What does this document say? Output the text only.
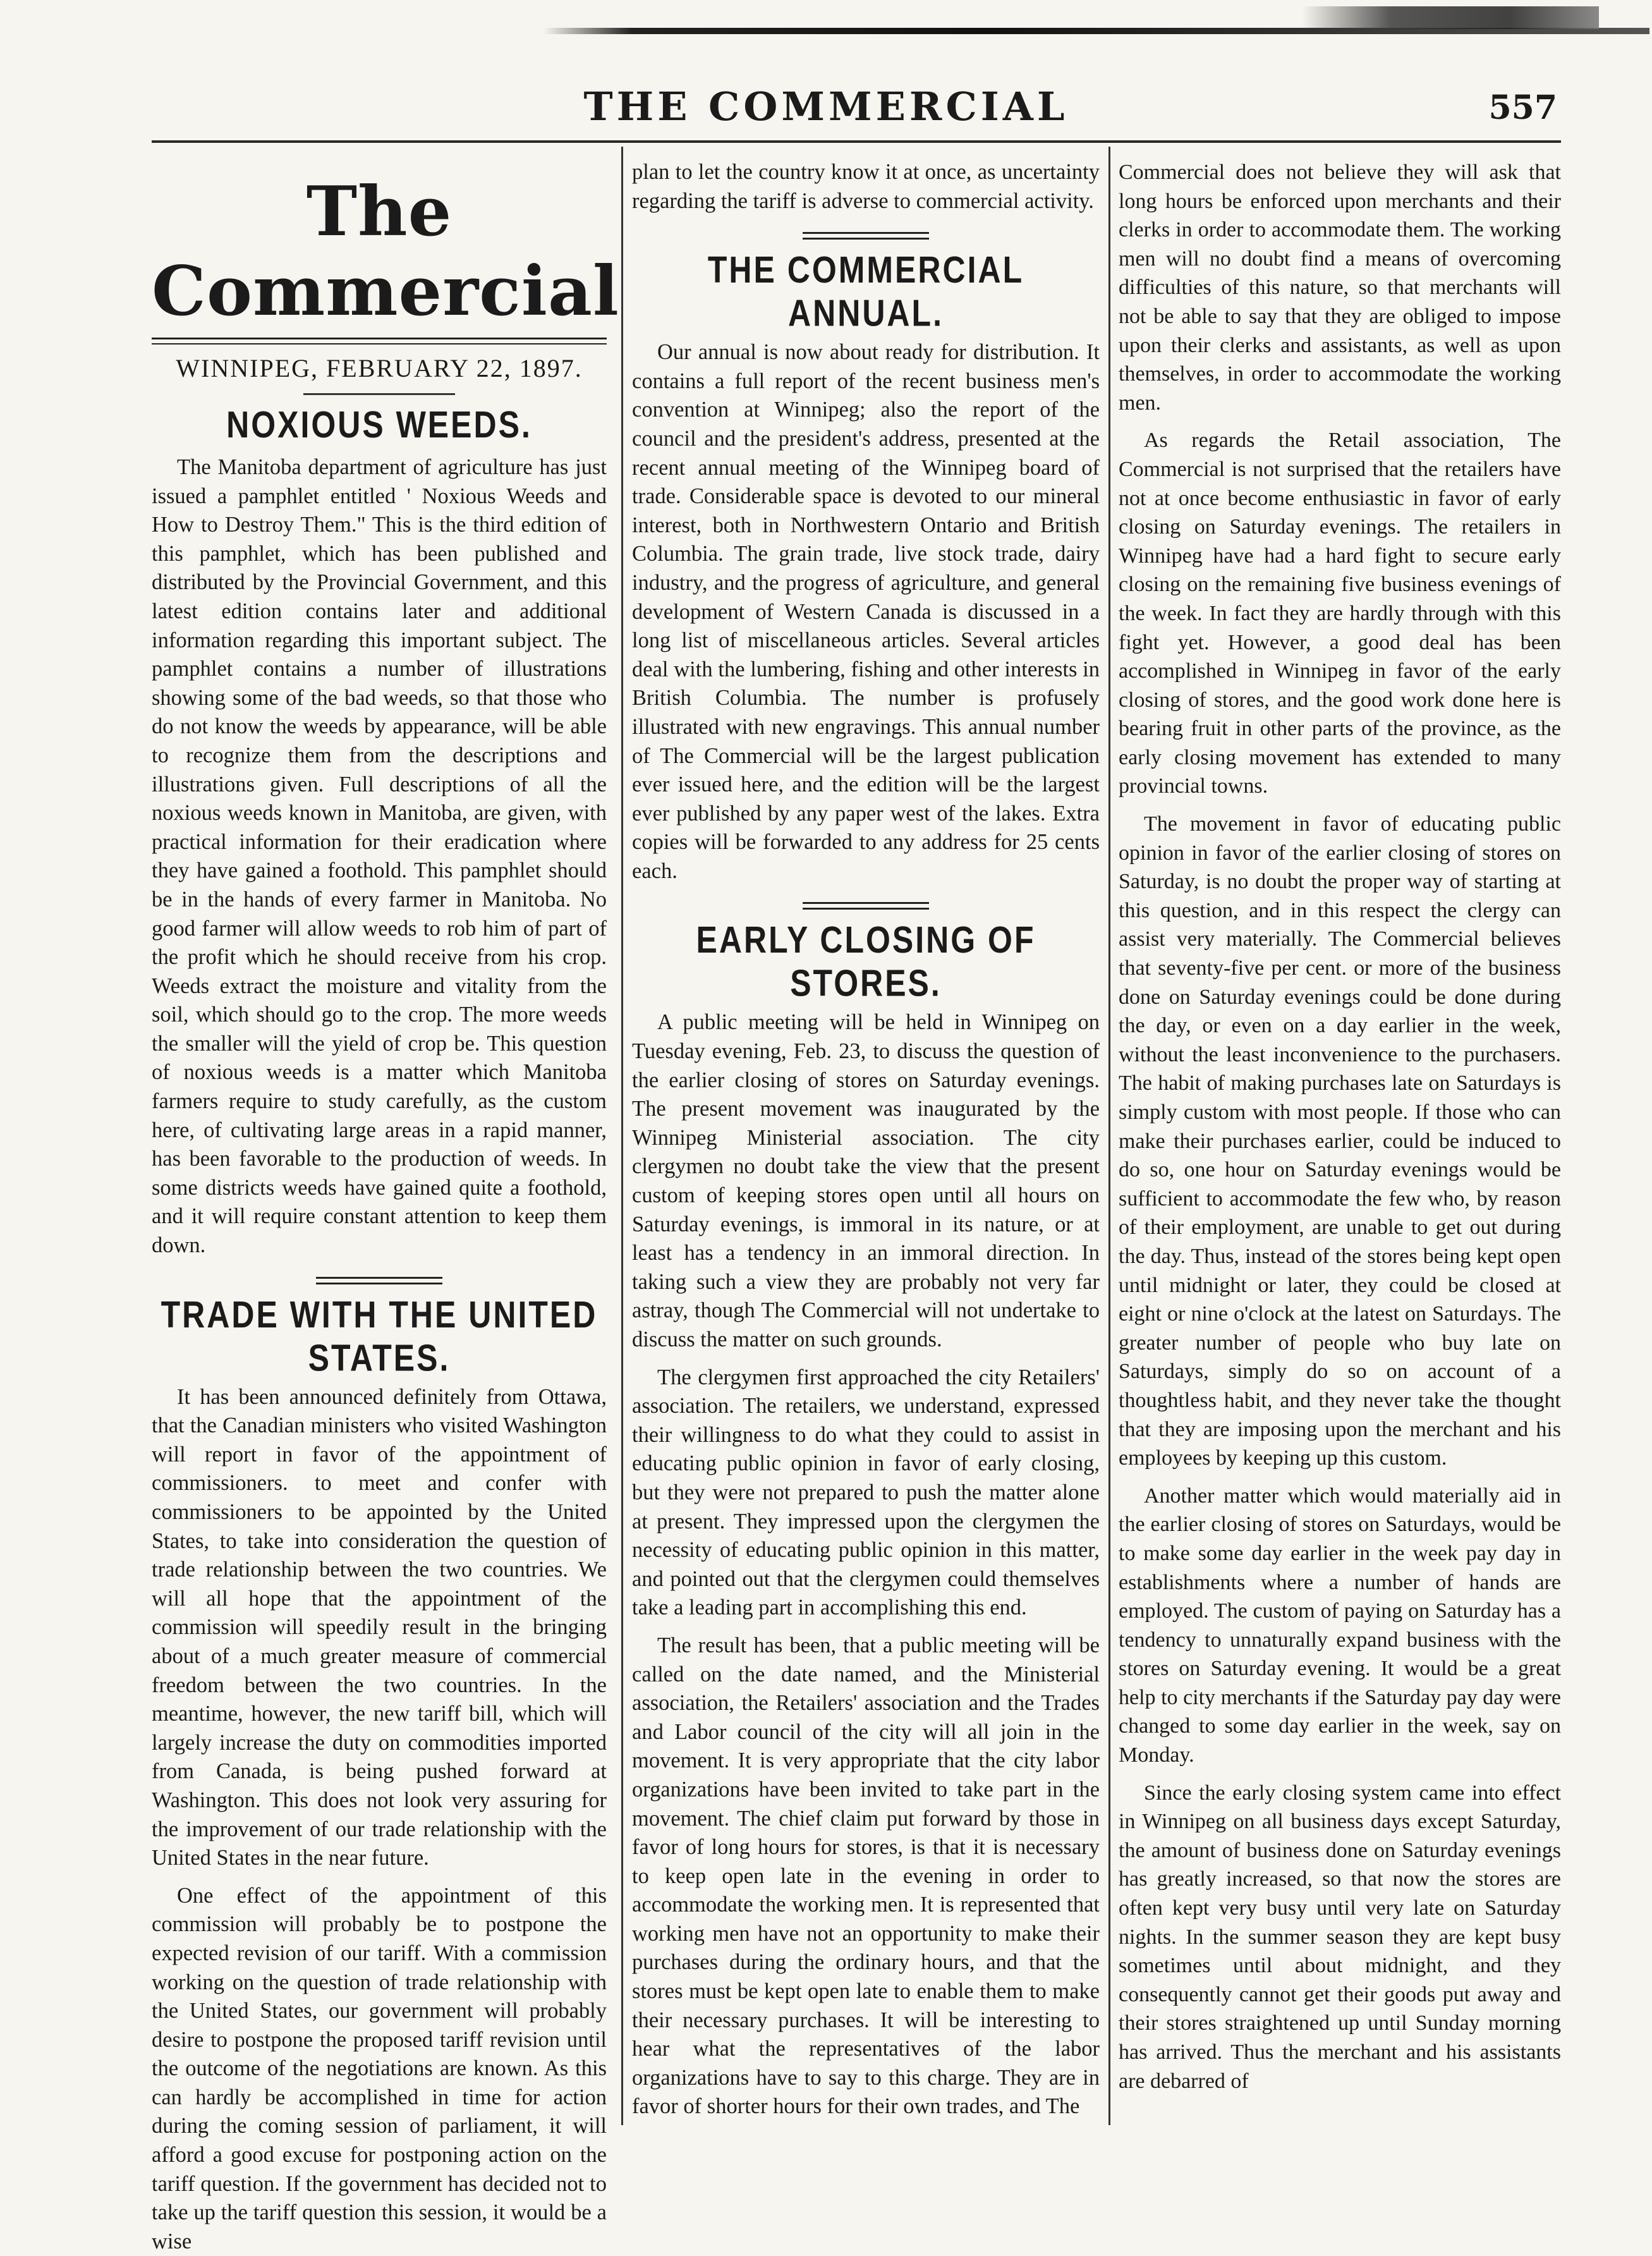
THE COMMERCIAL	557
The Commercial
WINNIPEG, FEBRUARY 22, 1897.
NOXIOUS WEEDS.

The Manitoba department of agriculture has just issued a pamphlet entitled ' Noxious Weeds and How to Destroy Them." This is the third edition of this pamphlet, which has been published and distributed by the Provincial Government, and this latest edition contains later and additional information regarding this important subject. The pamphlet contains a number of illustrations showing some of the bad weeds, so that those who do not know the weeds by appearance, will be able to recognize them from the descriptions and illustrations given. Full descriptions of all the noxious weeds known in Manitoba, are given, with practical information for their eradication where they have gained a foothold. This pamphlet should be in the hands of every farmer in Manitoba. No good farmer will allow weeds to rob him of part of the profit which he should receive from his crop. Weeds extract the moisture and vitality from the soil, which should go to the crop. The more weeds the smaller will the yield of crop be. This question of noxious weeds is a matter which Manitoba farmers require to study carefully, as the custom here, of cultivating large areas in a rapid manner, has been favorable to the production of weeds. In some districts weeds have gained quite a foothold, and it will require constant attention to keep them down.

TRADE WITH THE UNITED STATES.

It has been announced definitely from Ottawa, that the Canadian ministers who visited Washington will report in favor of the appointment of commissioners. to meet and confer with commissioners to be appointed by the United States, to take into consideration the question of trade relationship between the two countries. We will all hope that the appointment of the commission will speedily result in the bringing about of a much greater measure of commercial freedom between the two countries. In the meantime, however, the new tariff bill, which will largely increase the duty on commodities imported from Canada, is being pushed forward at Washington. This does not look very assuring for the improvement of our trade relationship with the United States in the near future.

One effect of the appointment of this commission will probably be to postpone the expected revision of our tariff. With a commission working on the question of trade relationship with the United States, our government will probably desire to postpone the proposed tariff revision until the outcome of the negotiations are known. As this can hardly be accomplished in time for action during the coming session of parliament, it will afford a good excuse for postponing action on the tariff question. If the government has decided not to take up the tariff question this session, it would be a wise

plan to let the country know it at once, as uncertainty regarding the tariff is adverse to commercial activity.

THE COMMERCIAL ANNUAL.

Our annual is now about ready for distribution. It contains a full report of the recent business men's convention at Winnipeg; also the report of the council and the president's address, presented at the recent annual meeting of the Winnipeg board of trade. Considerable space is devoted to our mineral interest, both in Northwestern Ontario and British Columbia. The grain trade, live stock trade, dairy industry, and the progress of agriculture, and general development of Western Canada is discussed in a long list of miscellaneous articles. Several articles deal with the lumbering, fishing and other interests in British Columbia. The number is profusely illustrated with new engravings. This annual number of The Commercial will be the largest publication ever issued here, and the edition will be the largest ever published by any paper west of the lakes. Extra copies will be forwarded to any address for 25 cents each.

EARLY CLOSING OF STORES.

A public meeting will be held in Winnipeg on Tuesday evening, Feb. 23, to discuss the question of the earlier closing of stores on Saturday evenings. The present movement was inaugurated by the Winnipeg Ministerial association. The city clergymen no doubt take the view that the present custom of keeping stores open until all hours on Saturday evenings, is immoral in its nature, or at least has a tendency in an immoral direction. In taking such a view they are probably not very far astray, though The Commercial will not undertake to discuss the matter on such grounds.

The clergymen first approached the city Retailers' association. The retailers, we understand, expressed their willingness to do what they could to assist in educating public opinion in favor of early closing, but they were not prepared to push the matter alone at present. They impressed upon the clergymen the necessity of educating public opinion in this matter, and pointed out that the clergymen could themselves take a leading part in accomplishing this end.

The result has been, that a public meeting will be called on the date named, and the Ministerial association, the Retailers' association and the Trades and Labor council of the city will all join in the movement. It is very appropriate that the city labor organizations have been invited to take part in the movement. The chief claim put forward by those in favor of long hours for stores, is that it is necessary to keep open late in the evening in order to accommodate the working men. It is represented that working men have not an opportunity to make their purchases during the ordinary hours, and that the stores must be kept open late to enable them to make their necessary purchases. It will be interesting to hear what the representatives of the labor organizations have to say to this charge. They are in favor of shorter hours for their own trades, and The

Commercial does not believe they will ask that long hours be enforced upon merchants and their clerks in order to accommodate them. The working men will no doubt find a means of overcoming difficulties of this nature, so that merchants will not be able to say that they are obliged to impose upon their clerks and assistants, as well as upon themselves, in order to accommodate the working men.

As regards the Retail association, The Commercial is not surprised that the retailers have not at once become enthusiastic in favor of early closing on Saturday evenings. The retailers in Winnipeg have had a hard fight to secure early closing on the remaining five business evenings of the week. In fact they are hardly through with this fight yet. However, a good deal has been accomplished in Winnipeg in favor of the early closing of stores, and the good work done here is bearing fruit in other parts of the province, as the early closing movement has extended to many provincial towns.

The movement in favor of educating public opinion in favor of the earlier closing of stores on Saturday, is no doubt the proper way of starting at this question, and in this respect the clergy can assist very materially. The Commercial believes that seventy-five per cent. or more of the business done on Saturday evenings could be done during the day, or even on a day earlier in the week, without the least inconvenience to the purchasers. The habit of making purchases late on Saturdays is simply custom with most people. If those who can make their purchases earlier, could be induced to do so, one hour on Saturday evenings would be sufficient to accommodate the few who, by reason of their employment, are unable to get out during the day. Thus, instead of the stores being kept open until midnight or later, they could be closed at eight or nine o'clock at the latest on Saturdays. The greater number of people who buy late on Saturdays, simply do so on account of a thoughtless habit, and they never take the thought that they are imposing upon the merchant and his employees by keeping up this custom.

Another matter which would materially aid in the earlier closing of stores on Saturdays, would be to make some day earlier in the week pay day in establishments where a number of hands are employed. The custom of paying on Saturday has a tendency to unnaturally expand business with the stores on Saturday evening. It would be a great help to city merchants if the Saturday pay day were changed to some day earlier in the week, say on Monday.

Since the early closing system came into effect in Winnipeg on all business days except Saturday, the amount of business done on Saturday evenings has greatly increased, so that now the stores are often kept very busy until very late on Saturday nights. In the summer season they are kept busy sometimes until about midnight, and they consequently cannot get their goods put away and their stores straightened up until Sunday morning has arrived. Thus the merchant and his assistants are debarred of
